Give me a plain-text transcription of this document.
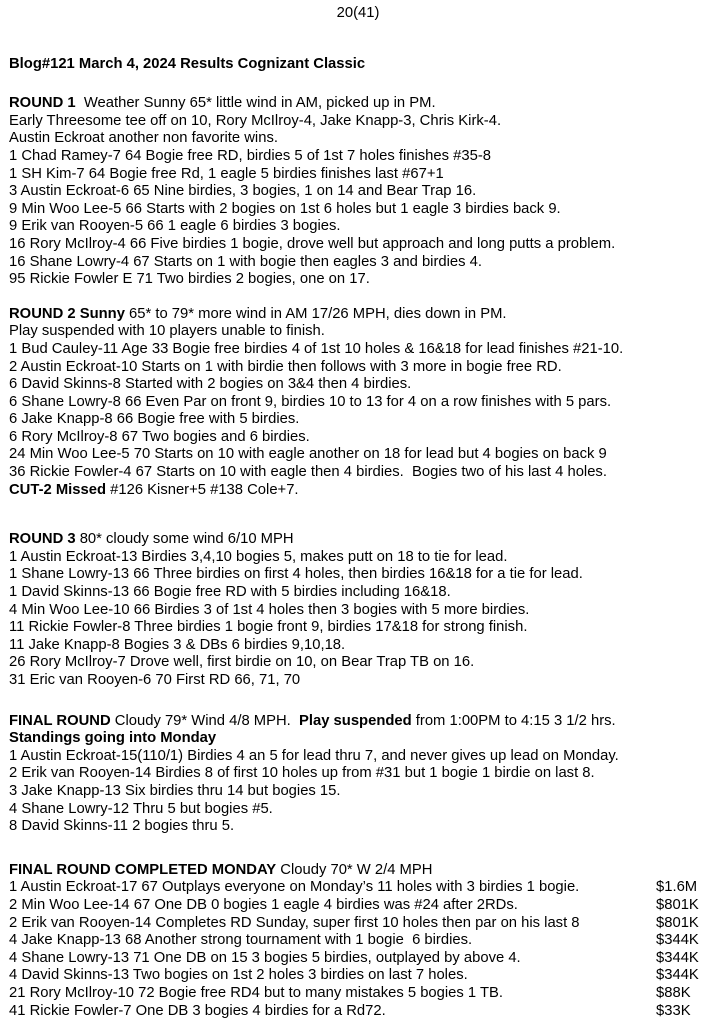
20(41)
Blog#121 March 4, 2024 Results Cognizant Classic
ROUND 1  Weather Sunny 65* little wind in AM, picked up in PM.
Early Threesome tee off on 10, Rory McIlroy-4, Jake Knapp-3, Chris Kirk-4.
Austin Eckroat another non favorite wins.
1 Chad Ramey-7 64 Bogie free RD, birdies 5 of 1st 7 holes finishes #35-8
1 SH Kim-7 64 Bogie free Rd, 1 eagle 5 birdies finishes last #67+1
3 Austin Eckroat-6 65 Nine birdies, 3 bogies, 1 on 14 and Bear Trap 16.
9 Min Woo Lee-5 66 Starts with 2 bogies on 1st 6 holes but 1 eagle 3 birdies back 9.
9 Erik van Rooyen-5 66 1 eagle 6 birdies 3 bogies.
16 Rory McIlroy-4 66 Five birdies 1 bogie, drove well but approach and long putts a problem.
16 Shane Lowry-4 67 Starts on 1 with bogie then eagles 3 and birdies 4.
95 Rickie Fowler E 71 Two birdies 2 bogies, one on 17.
ROUND 2 Sunny 65* to 79* more wind in AM 17/26 MPH, dies down in PM.
Play suspended with 10 players unable to finish.
1 Bud Cauley-11 Age 33 Bogie free birdies 4 of 1st 10 holes & 16&18 for lead finishes #21-10.
2 Austin Eckroat-10 Starts on 1 with birdie then follows with 3 more in bogie free RD.
6 David Skinns-8 Started with 2 bogies on 3&4 then 4 birdies.
6 Shane Lowry-8 66 Even Par on front 9, birdies 10 to 13 for 4 on a row finishes with 5 pars.
6 Jake Knapp-8 66 Bogie free with 5 birdies.
6 Rory McIlroy-8 67 Two bogies and 6 birdies.
24 Min Woo Lee-5 70 Starts on 10 with eagle another on 18 for lead but 4 bogies on back 9
36 Rickie Fowler-4 67 Starts on 10 with eagle then 4 birdies.  Bogies two of his last 4 holes.
CUT-2 Missed #126 Kisner+5 #138 Cole+7.
ROUND 3 80* cloudy some wind 6/10 MPH
1 Austin Eckroat-13 Birdies 3,4,10 bogies 5, makes putt on 18 to tie for lead.
1 Shane Lowry-13 66 Three birdies on first 4 holes, then birdies 16&18 for a tie for lead.
1 David Skinns-13 66 Bogie free RD with 5 birdies including 16&18.
4 Min Woo Lee-10 66 Birdies 3 of 1st 4 holes then 3 bogies with 5 more birdies.
11 Rickie Fowler-8 Three birdies 1 bogie front 9, birdies 17&18 for strong finish.
11 Jake Knapp-8 Bogies 3 & DBs 6 birdies 9,10,18.
26 Rory McIlroy-7 Drove well, first birdie on 10, on Bear Trap TB on 16.
31 Eric van Rooyen-6 70 First RD 66, 71, 70
FINAL ROUND Cloudy 79* Wind 4/8 MPH.  Play suspended from 1:00PM to 4:15 3 1/2 hrs.
Standings going into Monday
1 Austin Eckroat-15(110/1) Birdies 4 an 5 for lead thru 7, and never gives up lead on Monday.
2 Erik van Rooyen-14 Birdies 8 of first 10 holes up from #31 but 1 bogie 1 birdie on last 8.
3 Jake Knapp-13 Six birdies thru 14 but bogies 15.
4 Shane Lowry-12 Thru 5 but bogies #5.
8 David Skinns-11 2 bogies thru 5.
FINAL ROUND COMPLETED MONDAY Cloudy 70* W 2/4 MPH
1 Austin Eckroat-17 67 Outplays everyone on Monday’s 11 holes with 3 birdies 1 bogie.	$1.6M
2 Min Woo Lee-14 67 One DB 0 bogies 1 eagle 4 birdies was #24 after 2RDs.	$801K
2 Erik van Rooyen-14 Completes RD Sunday, super first 10 holes then par on his last 8	$801K
4 Jake Knapp-13 68 Another strong tournament with 1 bogie  6 birdies.	$344K
4 Shane Lowry-13 71 One DB on 15 3 bogies 5 birdies, outplayed by above 4.	$344K
4 David Skinns-13 Two bogies on 1st 2 holes 3 birdies on last 7 holes.	$344K
21 Rory McIlroy-10 72 Bogie free RD4 but to many mistakes 5 bogies 1 TB.	$88K
41 Rickie Fowler-7 One DB 3 bogies 4 birdies for a Rd72.	$33K
